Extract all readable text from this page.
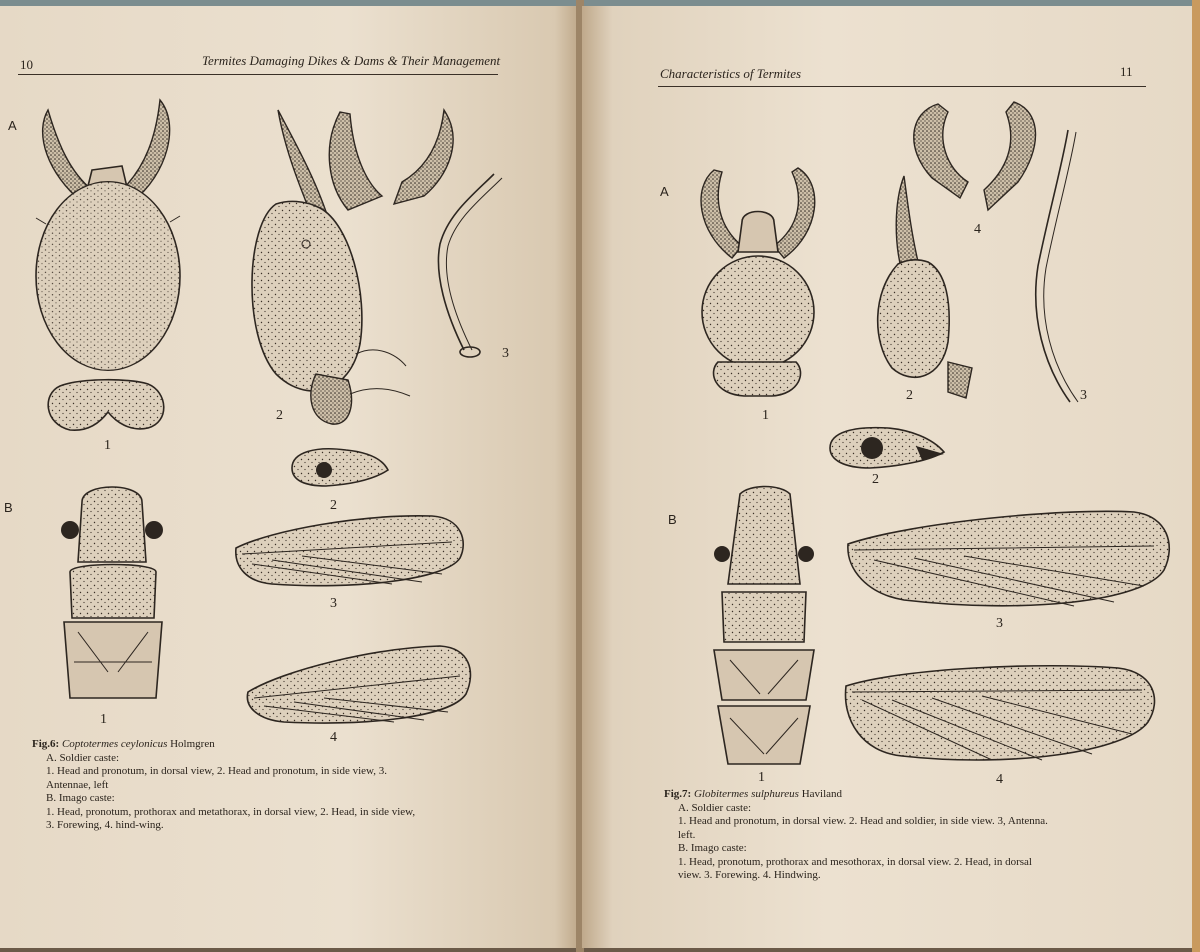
10	Termites Damaging Dikes & Dams & Their Management
A
B
1
2
3
2
1
3
4
Fig.6: Coptotermes ceylonicus Holmgren
A. Soldier caste:
1. Head and pronotum, in dorsal view, 2. Head and pronotum, in side view, 3.
Antennae, left
B. Imago caste:
1. Head, pronotum, prothorax and metathorax, in dorsal view, 2. Head, in side view,
3. Forewing, 4. hind-wing.
Characteristics of Termites	11
A
B
1
2
4
3
2
1
3
4
Fig.7: Globitermes sulphureus Haviland
A. Soldier caste:
1. Head and pronotum, in dorsal view. 2. Head and soldier, in side view. 3, Antenna.
left.
B. Imago caste:
1. Head, pronotum, prothorax and mesothorax, in dorsal view. 2. Head, in dorsal
view. 3. Forewing. 4. Hindwing.
